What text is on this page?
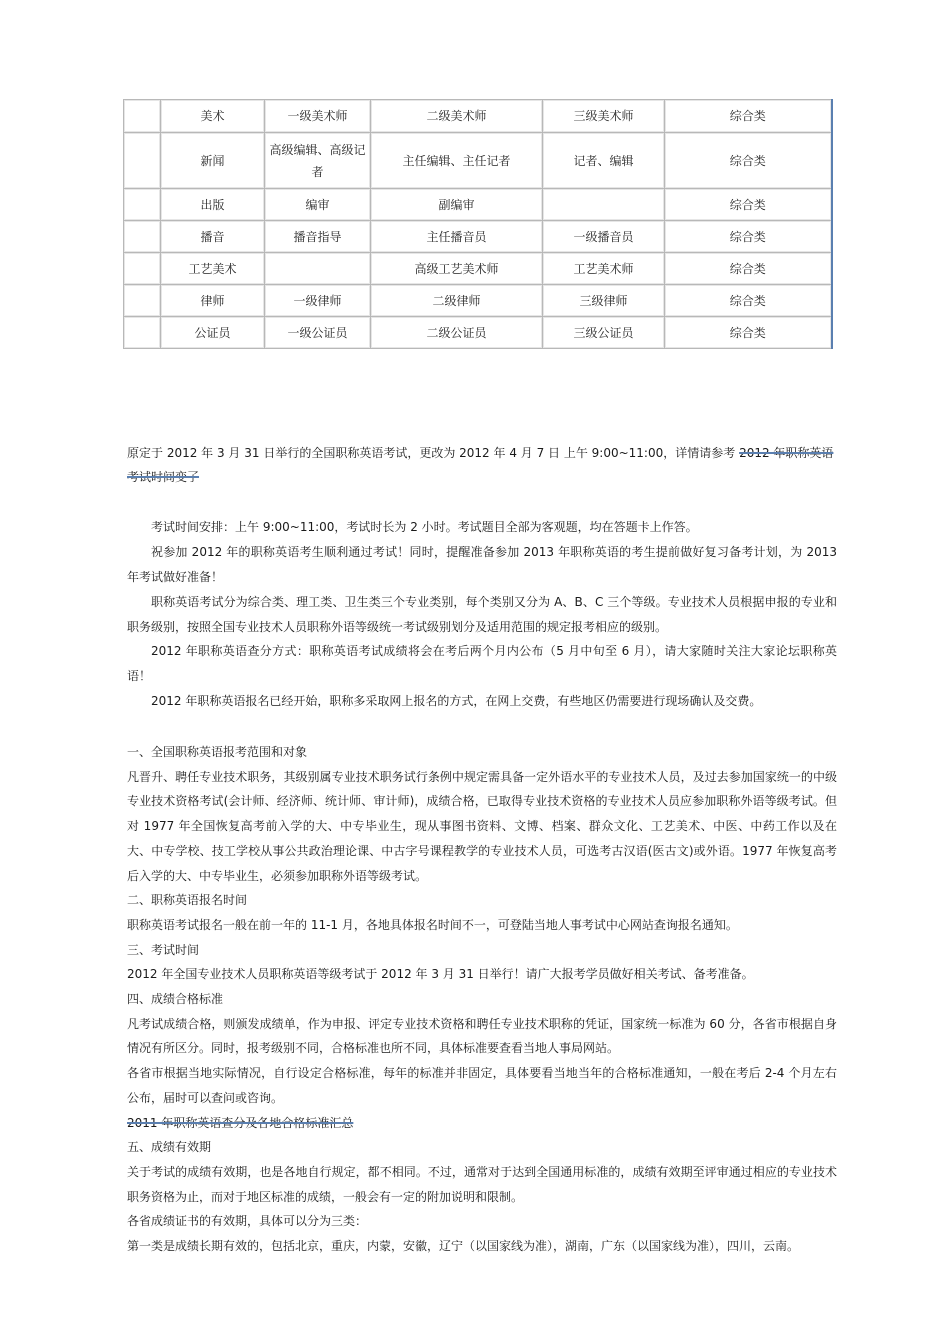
	美术	一级美术师	二级美术师	三级美术师	综合类
	新闻	高级编辑、高级记者	主任编辑、主任记者	记者、编辑	综合类
	出版	编审	副编审		综合类
	播音	播音指导	主任播音员	一级播音员	综合类
	工艺美术		高级工艺美术师	工艺美术师	综合类
	律师	一级律师	二级律师	三级律师	综合类
	公证员	一级公证员	二级公证员	三级公证员	综合类

原定于 2012 年 3 月 31 日举行的全国职称英语考试，更改为 2012 年 4 月 7 日 上午 9:00~11:00，详情请参考 2012 年职称英语考试时间变了

考试时间安排：上午 9:00~11:00，考试时长为 2 小时。考试题目全部为客观题，均在答题卡上作答。

祝参加 2012 年的职称英语考生顺利通过考试！同时，提醒准备参加 2013 年职称英语的考生提前做好复习备考计划，为 2013 年考试做好准备！

职称英语考试分为综合类、理工类、卫生类三个专业类别，每个类别又分为 A、B、C 三个等级。专业技术人员根据申报的专业和职务级别，按照全国专业技术人员职称外语等级统一考试级别划分及适用范围的规定报考相应的级别。

2012 年职称英语查分方式：职称英语考试成绩将会在考后两个月内公布（5 月中旬至 6 月），请大家随时关注大家论坛职称英语！

2012 年职称英语报名已经开始，职称多采取网上报名的方式，在网上交费，有些地区仍需要进行现场确认及交费。

一、全国职称英语报考范围和对象

凡晋升、聘任专业技术职务，其级别属专业技术职务试行条例中规定需具备一定外语水平的专业技术人员，及过去参加国家统一的中级专业技术资格考试(会计师、经济师、统计师、审计师)，成绩合格，已取得专业技术资格的专业技术人员应参加职称外语等级考试。但对 1977 年全国恢复高考前入学的大、中专毕业生，现从事图书资料、文博、档案、群众文化、工艺美术、中医、中药工作以及在大、中专学校、技工学校从事公共政治理论课、中古字号课程教学的专业技术人员，可选考古汉语(医古文)或外语。1977 年恢复高考后入学的大、中专毕业生，必须参加职称外语等级考试。

二、职称英语报名时间

职称英语考试报名一般在前一年的 11-1 月，各地具体报名时间不一，可登陆当地人事考试中心网站查询报名通知。

三、考试时间

2012 年全国专业技术人员职称英语等级考试于 2012 年 3 月 31 日举行！请广大报考学员做好相关考试、备考准备。

四、成绩合格标准

凡考试成绩合格，则颁发成绩单，作为申报、评定专业技术资格和聘任专业技术职称的凭证，国家统一标准为 60 分，各省市根据自身情况有所区分。同时，报考级别不同，合格标准也所不同，具体标准要查看当地人事局网站。

各省市根据当地实际情况，自行设定合格标准，每年的标准并非固定，具体要看当地当年的合格标准通知，一般在考后 2-4 个月左右公布，届时可以查问或咨询。

2011 年职称英语查分及各地合格标准汇总

五、成绩有效期

关于考试的成绩有效期，也是各地自行规定，都不相同。不过，通常对于达到全国通用标准的，成绩有效期至评审通过相应的专业技术职务资格为止，而对于地区标准的成绩，一般会有一定的附加说明和限制。

各省成绩证书的有效期，具体可以分为三类：

第一类是成绩长期有效的，包括北京，重庆，内蒙，安徽，辽宁（以国家线为准），湖南，广东（以国家线为准），四川，云南。
